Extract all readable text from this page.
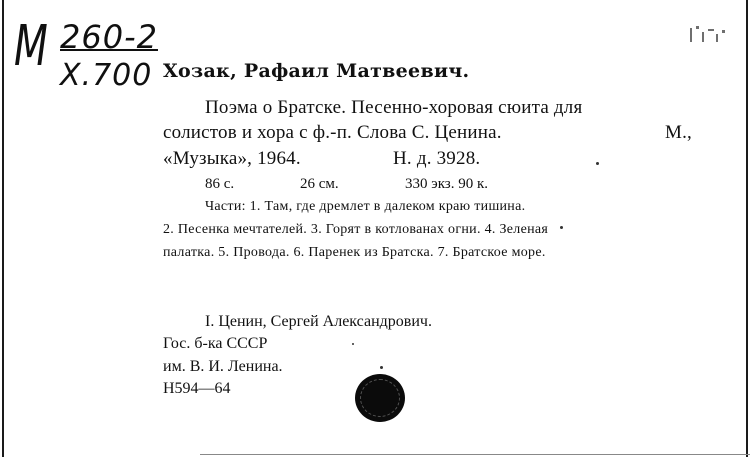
M 260-2
X.700 Хозак, Рафаил Матвеевич.
Поэма о Братске. Песенно-хоровая сюита для
солистов и хора с ф.-п. Слова С. Ценина.	М.,
«Музыка», 1964.	Н. д. 3928.
86 с.	26 см.	330 экз. 90 к.
Части: 1. Там, где дремлет в далеком краю тишина.
2. Песенка мечтателей. 3. Горят в котлованах огни. 4. Зеленая
палатка. 5. Провода. 6. Паренек из Братска. 7. Братское море.
I. Ценин, Сергей Александрович.
Гос. б-ка СССР
им. В. И. Ленина.
Н594—64
